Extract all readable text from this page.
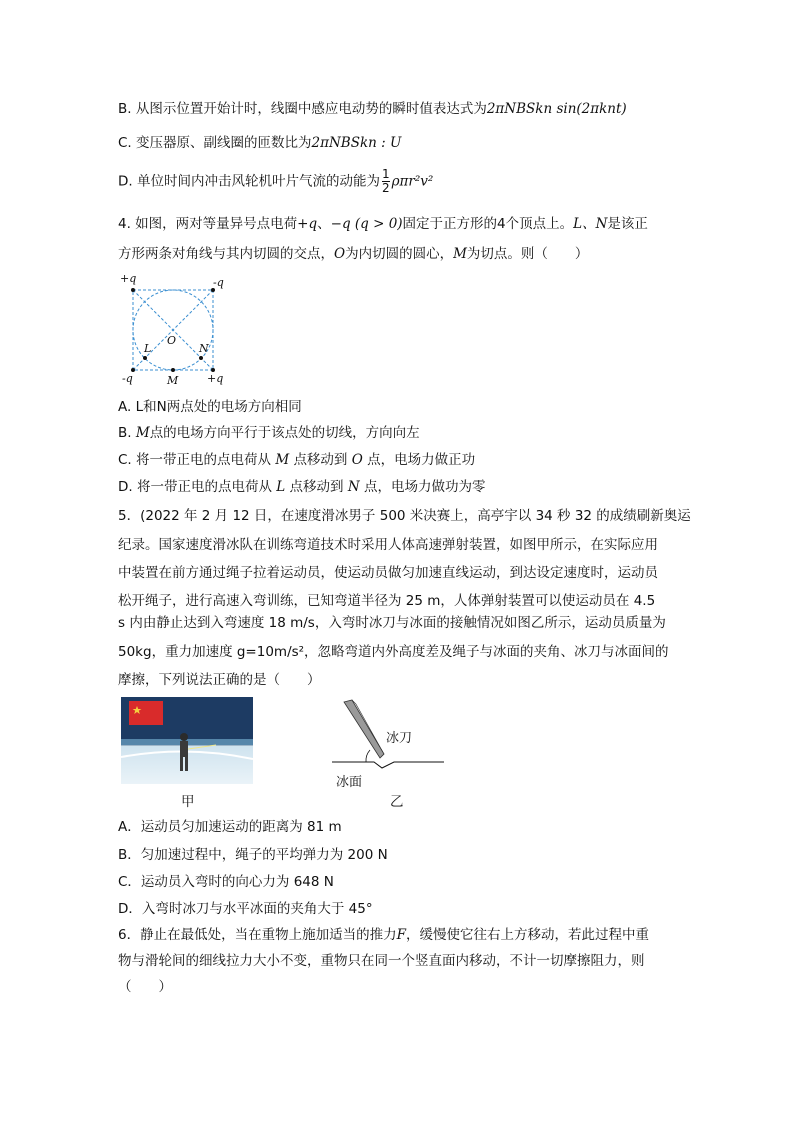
B. 从图示位置开始计时，线圈中感应电动势的瞬时值表达式为2πNBSkn sin(2πknt)
C. 变压器原、副线圈的匝数比为2πNBSkn : U
D. 单位时间内冲击风轮机叶片气流的动能为 $\frac{1}{2} \rho\pi r^2v^2$
4. 如图，两对等量异号点电荷+q、−q (q > 0)固定于正方形的4个顶点上。L、N是该正
方形两条对角线与其内切圆的交点，O为内切圆的圆心，M为切点。则（　　）
+q	-q
-q	+q
O
L	N
M
A. L和N两点处的电场方向相同
B. M点的电场方向平行于该点处的切线，方向向左
C. 将一带正电的点电荷从 M 点移动到 O 点，电场力做正功
D. 将一带正电的点电荷从 L 点移动到 N 点，电场力做功为零
5．(2022 年 2 月 12 日，在速度滑冰男子 500 米决赛上，高亭宇以 34 秒 32 的成绩刷新奥运
纪录。国家速度滑冰队在训练弯道技术时采用人体高速弹射装置，如图甲所示，在实际应用
中装置在前方通过绳子拉着运动员，使运动员做匀加速直线运动，到达设定速度时，运动员
松开绳子，进行高速入弯训练，已知弯道半径为 25 m，人体弹射装置可以使运动员在 4.5
s 内由静止达到入弯速度 18 m/s，入弯时冰刀与冰面的接触情况如图乙所示，运动员质量为
50kg，重力加速度 g=10m/s²，忽略弯道内外高度差及绳子与冰面的夹角、冰刀与冰面间的
摩擦，下列说法正确的是（　　）
甲
冰刀
冰面
乙
A．运动员匀加速运动的距离为 81 m
B．匀加速过程中，绳子的平均弹力为 200 N
C．运动员入弯时的向心力为 648 N
D．入弯时冰刀与水平冰面的夹角大于 45°
6．静止在最低处，当在重物上施加适当的推力F，缓慢使它往右上方移动，若此过程中重
物与滑轮间的细线拉力大小不变，重物只在同一个竖直面内移动，不计一切摩擦阻力，则
（　　）
